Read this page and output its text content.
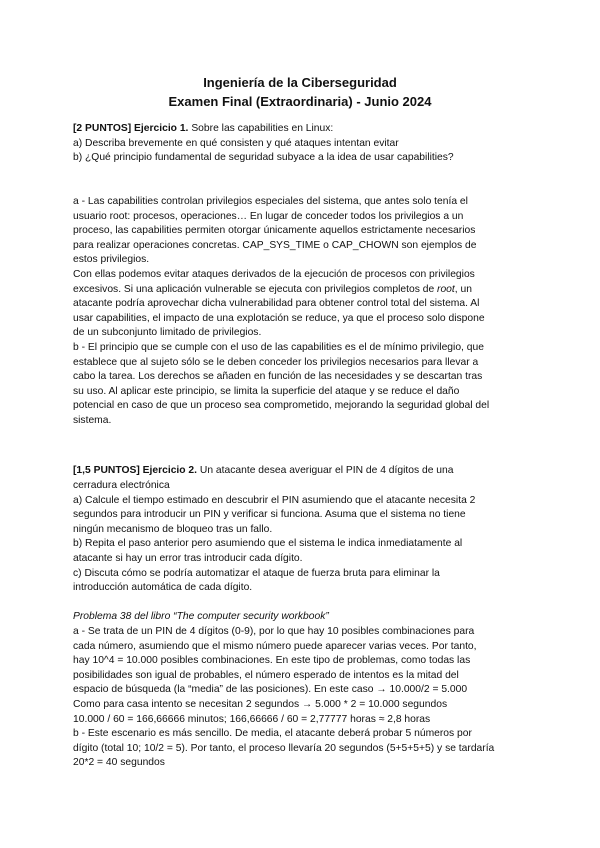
Ingeniería de la Ciberseguridad
Examen Final (Extraordinaria) - Junio 2024
[2 PUNTOS] Ejercicio 1. Sobre las capabilities en Linux:
a) Describa brevemente en qué consisten y qué ataques intentan evitar
b) ¿Qué principio fundamental de seguridad subyace a la idea de usar capabilities?
a - Las capabilities controlan privilegios especiales del sistema, que antes solo tenía el
usuario root: procesos, operaciones… En lugar de conceder todos los privilegios a un
proceso, las capabilities permiten otorgar únicamente aquellos estrictamente necesarios
para realizar operaciones concretas. CAP_SYS_TIME o CAP_CHOWN son ejemplos de
estos privilegios.
Con ellas podemos evitar ataques derivados de la ejecución de procesos con privilegios
excesivos. Si una aplicación vulnerable se ejecuta con privilegios completos de root, un
atacante podría aprovechar dicha vulnerabilidad para obtener control total del sistema. Al
usar capabilities, el impacto de una explotación se reduce, ya que el proceso solo dispone
de un subconjunto limitado de privilegios.
b - El principio que se cumple con el uso de las capabilities es el de mínimo privilegio, que
establece que al sujeto sólo se le deben conceder los privilegios necesarios para llevar a
cabo la tarea. Los derechos se añaden en función de las necesidades y se descartan tras
su uso. Al aplicar este principio, se limita la superficie del ataque y se reduce el daño
potencial en caso de que un proceso sea comprometido, mejorando la seguridad global del
sistema.
[1,5 PUNTOS] Ejercicio 2. Un atacante desea averiguar el PIN de 4 dígitos de una
cerradura electrónica
a) Calcule el tiempo estimado en descubrir el PIN asumiendo que el atacante necesita 2
segundos para introducir un PIN y verificar si funciona. Asuma que el sistema no tiene
ningún mecanismo de bloqueo tras un fallo.
b) Repita el paso anterior pero asumiendo que el sistema le indica inmediatamente al
atacante si hay un error tras introducir cada dígito.
c) Discuta cómo se podría automatizar el ataque de fuerza bruta para eliminar la
introducción automática de cada dígito.
Problema 38 del libro “The computer security workbook”
a - Se trata de un PIN de 4 dígitos (0-9), por lo que hay 10 posibles combinaciones para
cada número, asumiendo que el mismo número puede aparecer varias veces. Por tanto,
hay 10^4 = 10.000 posibles combinaciones. En este tipo de problemas, como todas las
posibilidades son igual de probables, el número esperado de intentos es la mitad del
espacio de búsqueda (la “media” de las posiciones). En este caso → 10.000/2 = 5.000
Como para casa intento se necesitan 2 segundos → 5.000 * 2 = 10.000 segundos
10.000 / 60 = 166,66666 minutos; 166,66666 / 60 = 2,77777 horas ≈ 2,8 horas
b - Este escenario es más sencillo. De media, el atacante deberá probar 5 números por
dígito (total 10; 10/2 = 5). Por tanto, el proceso llevaría 20 segundos (5+5+5+5) y se tardaría
20*2 = 40 segundos
